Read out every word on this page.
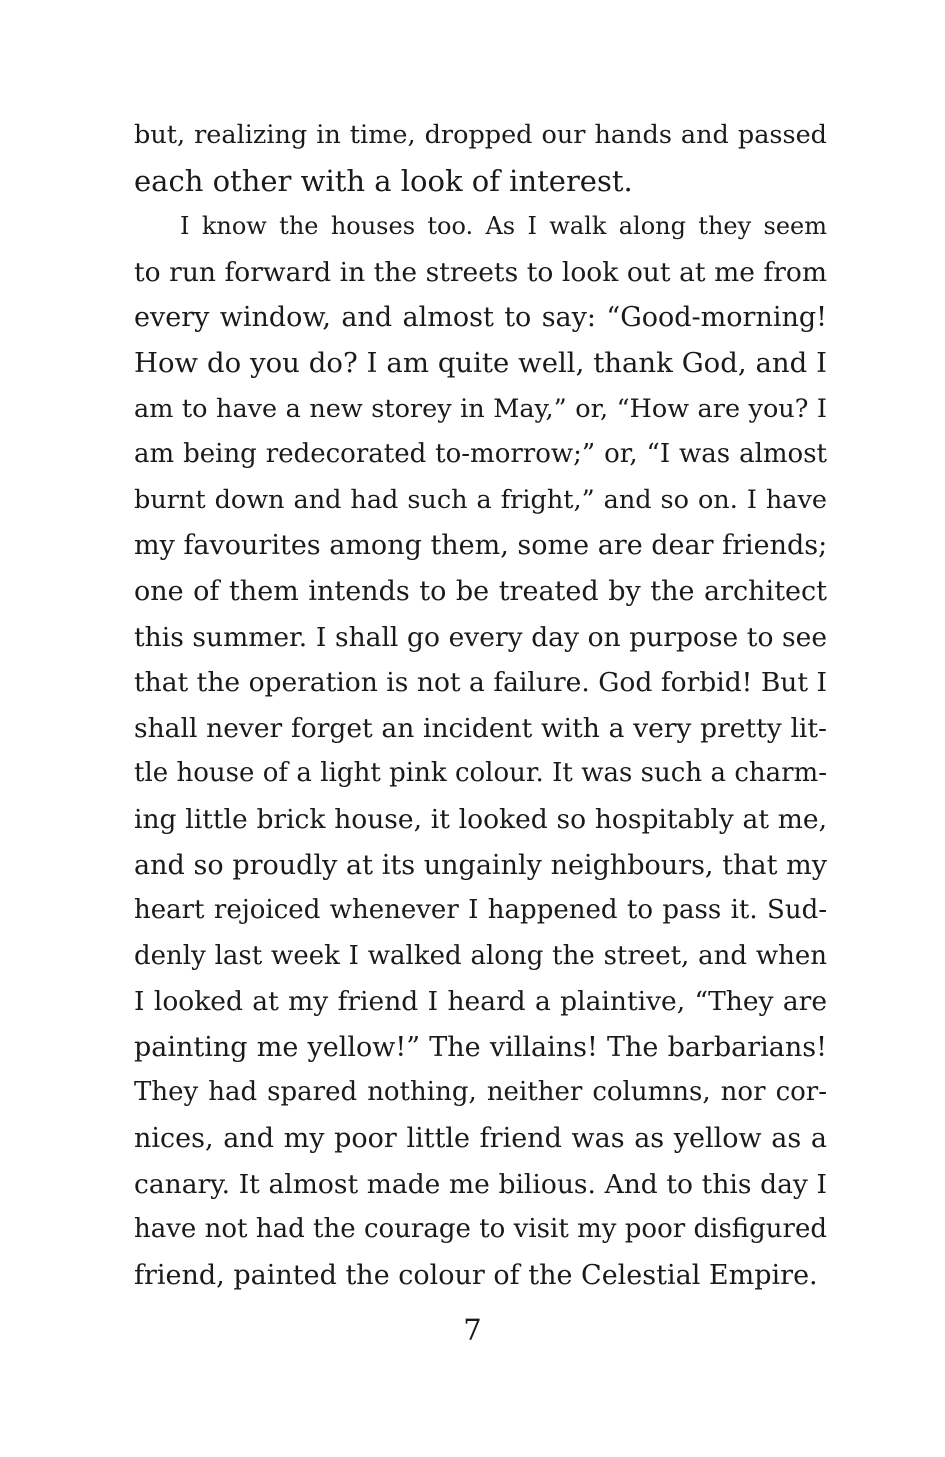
but, realizing in time, dropped our hands and passed
each other with a look of interest.
I know the houses too. As I walk along they seem
to run forward in the streets to look out at me from
every window, and almost to say: “Good-morning!
How do you do? I am quite well, thank God, and I
am to have a new storey in May,” or, “How are you? I
am being redecorated to-morrow;” or, “I was almost
burnt down and had such a fright,” and so on. I have
my favourites among them, some are dear friends;
one of them intends to be treated by the architect
this summer. I shall go every day on purpose to see
that the operation is not a failure. God forbid! But I
shall never forget an incident with a very pretty lit-
tle house of a light pink colour. It was such a charm-
ing little brick house, it looked so hospitably at me,
and so proudly at its ungainly neighbours, that my
heart rejoiced whenever I happened to pass it. Sud-
denly last week I walked along the street, and when
I looked at my friend I heard a plaintive, “They are
painting me yellow!” The villains! The barbarians!
They had spared nothing, neither columns, nor cor-
nices, and my poor little friend was as yellow as a
canary. It almost made me bilious. And to this day I
have not had the courage to visit my poor disfigured
friend, painted the colour of the Celestial Empire.
7
